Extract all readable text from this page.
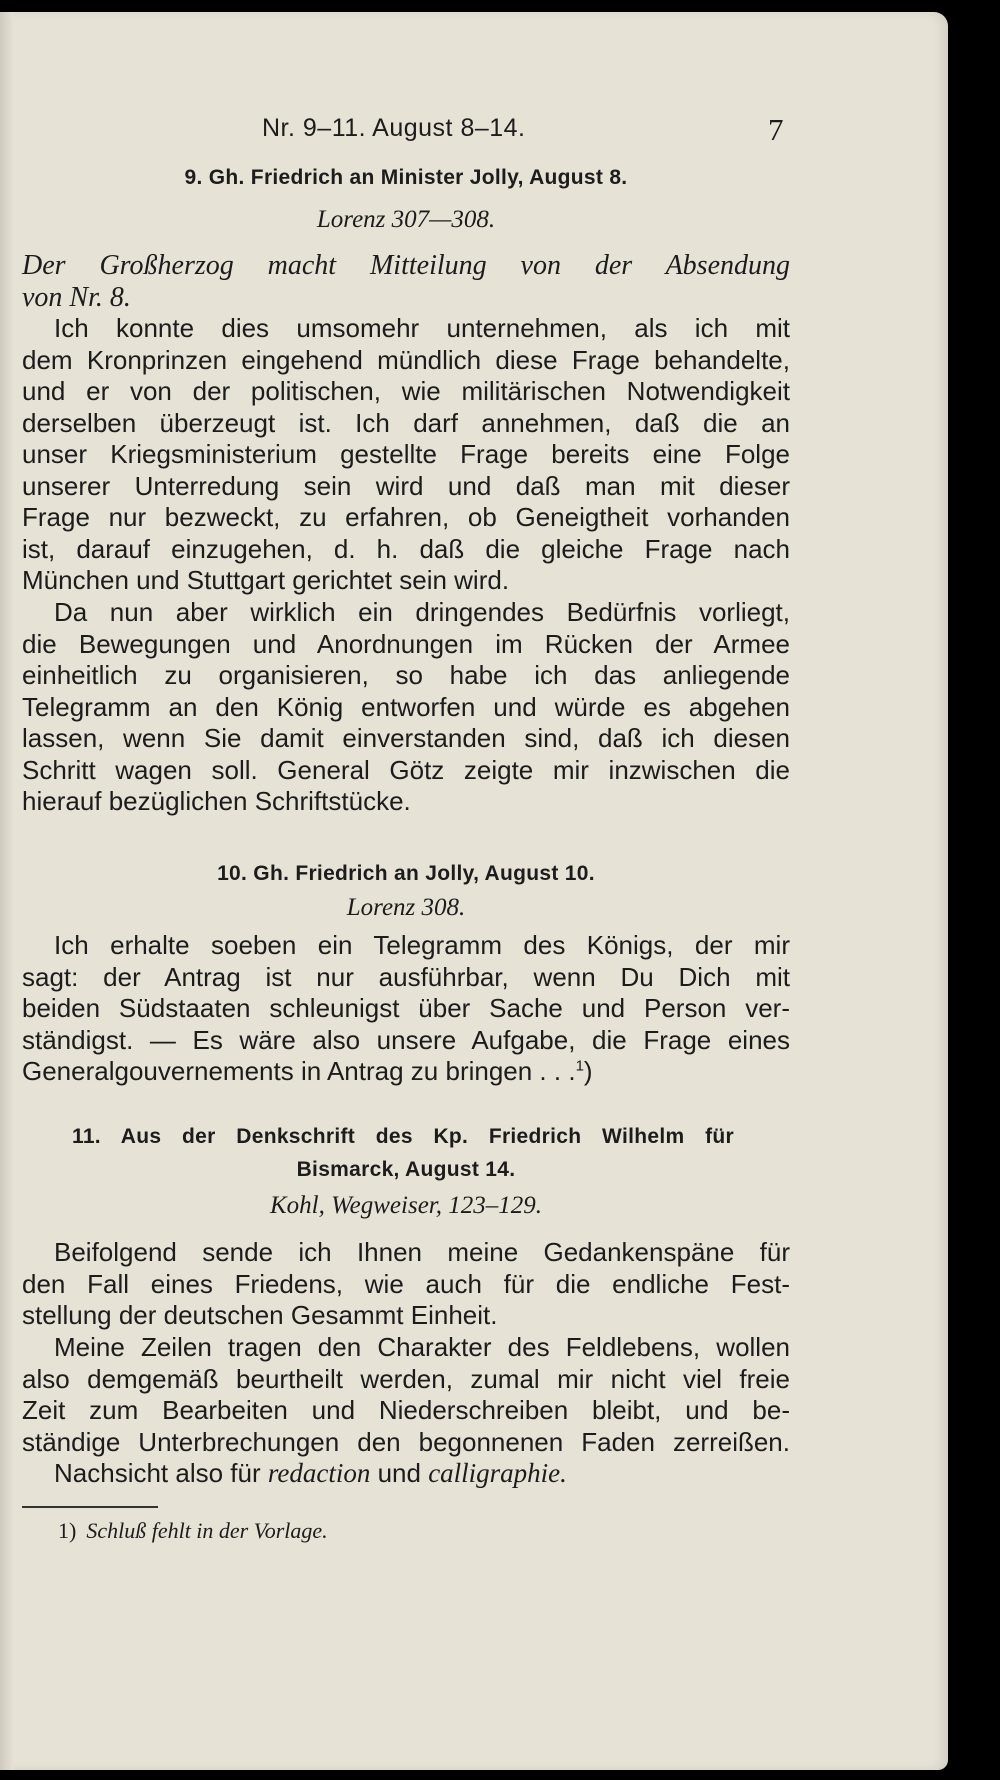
Nr. 9–11. August 8–14.	7
9. Gh. Friedrich an Minister Jolly, August 8.
Lorenz 307—308.
Der Großherzog macht Mitteilung von der Absendung
von Nr. 8.
Ich konnte dies umsomehr unternehmen, als ich mit
dem Kronprinzen eingehend mündlich diese Frage behandelte,
und er von der politischen, wie militärischen Notwendigkeit
derselben überzeugt ist. Ich darf annehmen, daß die an
unser Kriegsministerium gestellte Frage bereits eine Folge
unserer Unterredung sein wird und daß man mit dieser
Frage nur bezweckt, zu erfahren, ob Geneigtheit vorhanden
ist, darauf einzugehen, d. h. daß die gleiche Frage nach
München und Stuttgart gerichtet sein wird.
Da nun aber wirklich ein dringendes Bedürfnis vorliegt,
die Bewegungen und Anordnungen im Rücken der Armee
einheitlich zu organisieren, so habe ich das anliegende
Telegramm an den König entworfen und würde es abgehen
lassen, wenn Sie damit einverstanden sind, daß ich diesen
Schritt wagen soll. General Götz zeigte mir inzwischen die
hierauf bezüglichen Schriftstücke.
10. Gh. Friedrich an Jolly, August 10.
Lorenz 308.
Ich erhalte soeben ein Telegramm des Königs, der mir
sagt: der Antrag ist nur ausführbar, wenn Du Dich mit
beiden Südstaaten schleunigst über Sache und Person ver-
ständigst. — Es wäre also unsere Aufgabe, die Frage eines
Generalgouvernements in Antrag zu bringen . . .$^1$)
11. Aus der Denkschrift des Kp. Friedrich Wilhelm für
Bismarck, August 14.
Kohl, Wegweiser, 123–129.
Beifolgend sende ich Ihnen meine Gedankenspäne für
den Fall eines Friedens, wie auch für die endliche Fest-
stellung der deutschen Gesammt Einheit.
Meine Zeilen tragen den Charakter des Feldlebens, wollen
also demgemäß beurtheilt werden, zumal mir nicht viel freie
Zeit zum Bearbeiten und Niederschreiben bleibt, und be-
ständige Unterbrechungen den begonnenen Faden zerreißen.
Nachsicht also für redaction und calligraphie.
1) Schluß fehlt in der Vorlage.
